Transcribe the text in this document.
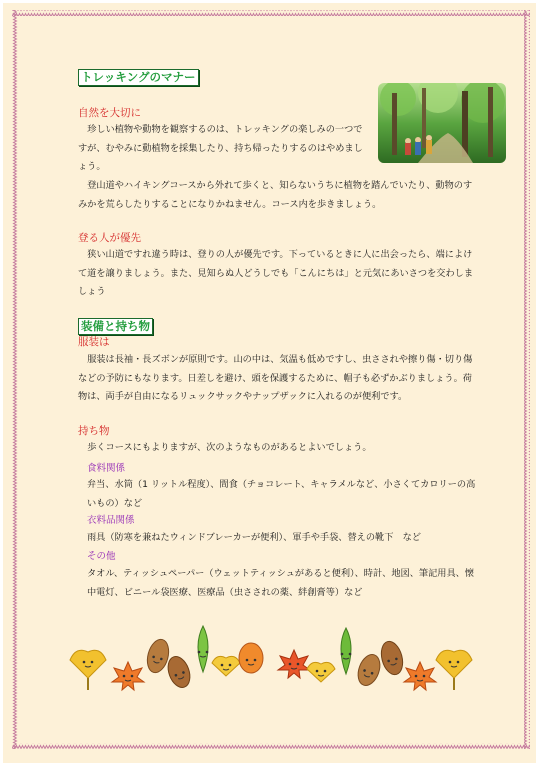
トレッキングのマナー
自然を大切に
珍しい植物や動物を観察するのは、トレッキングの楽しみの一つですが、むやみに動植物を採集したり、持ち帰ったりするのはやめましょう。
登山道やハイキングコースから外れて歩くと、知らないうちに植物を踏んでいたり、動物のすみかを荒らしたりすることになりかねません。コース内を歩きましょう。
登る人が優先
狭い山道ですれ違う時は、登りの人が優先です。下っているときに人に出会ったら、端によけて道を譲りましょう。また、見知らぬ人どうしでも「こんにちは」と元気にあいさつを交わしましょう
装備と持ち物
服装は
服装は長袖・長ズボンが原則です。山の中は、気温も低めですし、虫さされや擦り傷・切り傷などの予防にもなります。日差しを避け、頭を保護するために、帽子も必ずかぶりましょう。荷物は、両手が自由になるリュックサックやナップザックに入れるのが便利です。
持ち物
歩くコースにもよりますが、次のようなものがあるとよいでしょう。
食料関係
弁当、水筒（1 リットル程度）、間食（チョコレート、キャラメルなど、小さくてカロリーの高いもの）など
衣料品関係
雨具（防寒を兼ねたウィンドブレーカーが便利）、軍手や手袋、替えの靴下　など
その他
タオル、ティッシュペーパー（ウェットティッシュがあると便利）、時計、地図、筆記用具、懐中電灯、ビニール袋医療、医療品（虫さされの薬、絆創膏等）など
